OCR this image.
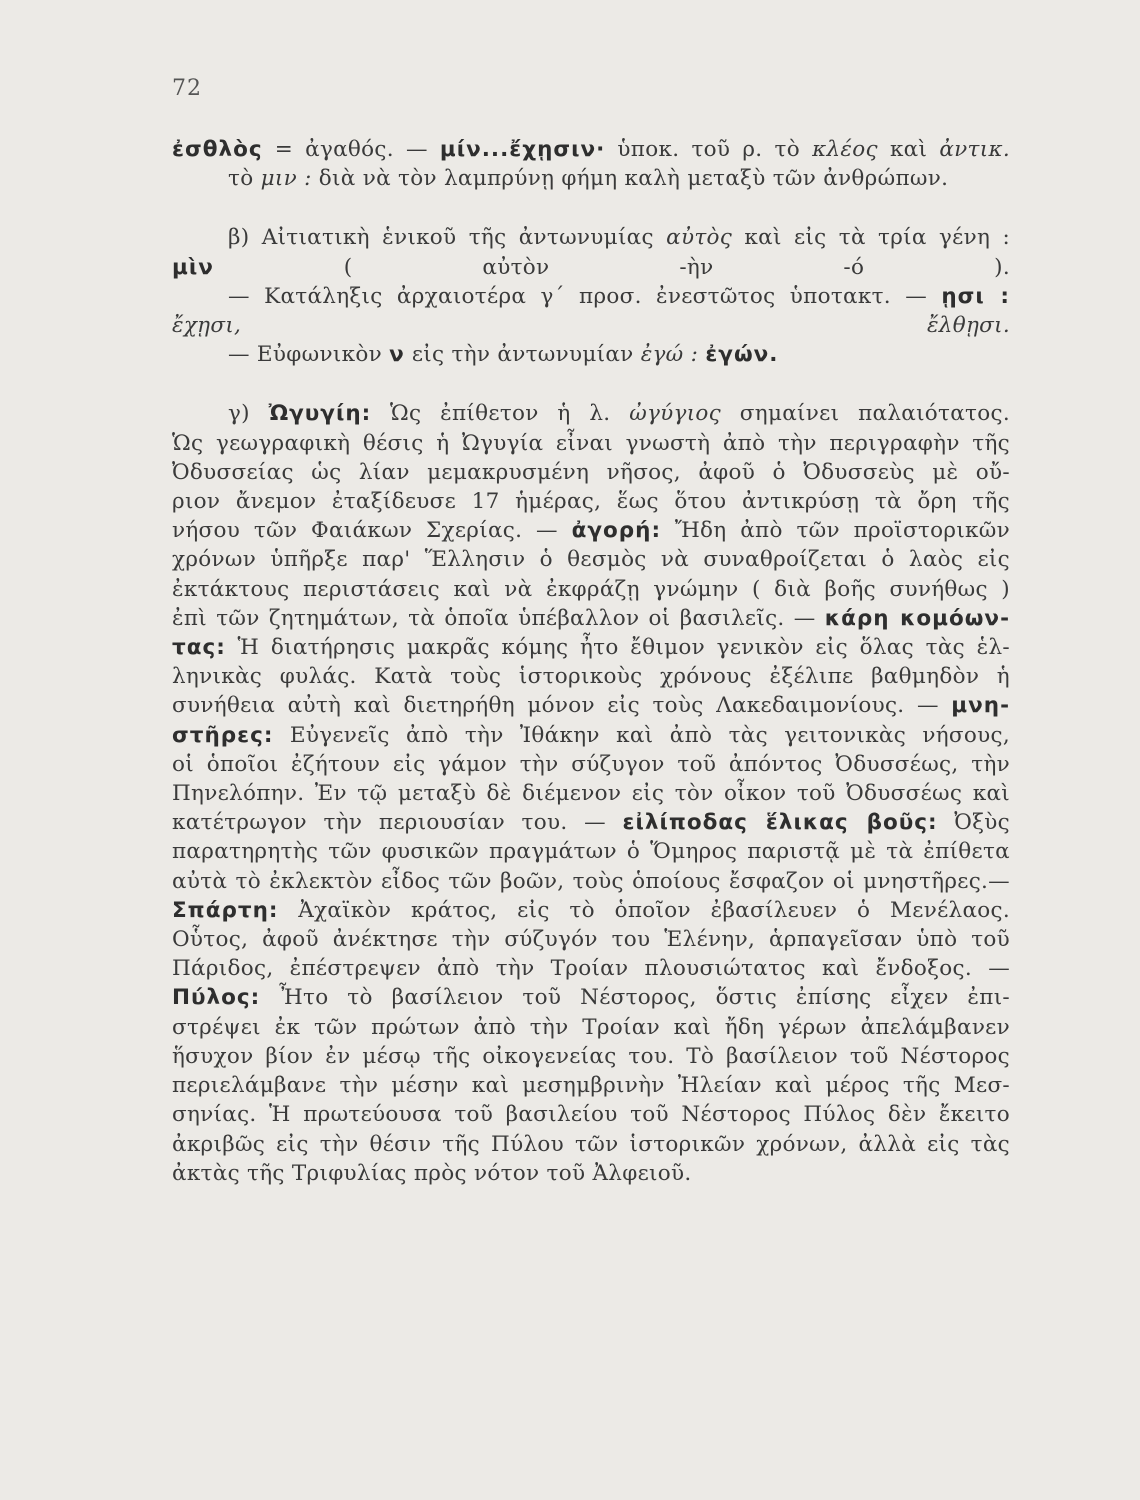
72

ἐσθλὸς = ἀγαθός. — μίν...ἔχῃσιν· ὑποκ. τοῦ ρ. τὸ κλέος καὶ ἀντικ.

τὸ μιν : διὰ νὰ τὸν λαμπρύνῃ φήμη καλὴ μεταξὺ τῶν ἀνθρώπων.

β) Αἰτιατικὴ ἑνικοῦ τῆς ἀντωνυμίας αὐτὸς καὶ εἰς τὰ τρία γένη :

μὶν ( αὐτὸν -ὴν -ό ).

— Κατάληξις ἀρχαιοτέρα γ΄ προσ. ἐνεστῶτος ὑποτακτ. — ῃσι :

ἔχῃσι, ἔλθῃσι.

— Εὐφωνικὸν ν εἰς τὴν ἀντωνυμίαν ἐγώ : ἐγών.

γ) Ὠγυγίη: Ὡς ἐπίθετον ἡ λ. ὠγύγιος σημαίνει παλαιότατος.

Ὡς γεωγραφικὴ θέσις ἡ Ὠγυγία εἶναι γνωστὴ ἀπὸ τὴν περιγραφὴν τῆς

Ὀδυσσείας ὡς λίαν μεμακρυσμένη νῆσος, ἀφοῦ ὁ Ὀδυσσεὺς μὲ οὔ-

ριον ἄνεμον ἐταξίδευσε 17 ἡμέρας, ἕως ὅτου ἀντικρύσῃ τὰ ὄρη τῆς

νήσου τῶν Φαιάκων Σχερίας. — ἀγορή: Ἤδη ἀπὸ τῶν προϊστορικῶν

χρόνων ὑπῆρξε παρ' Ἕλλησιν ὁ θεσμὸς νὰ συναθροίζεται ὁ λαὸς εἰς

ἐκτάκτους περιστάσεις καὶ νὰ ἐκφράζῃ γνώμην ( διὰ βοῆς συνήθως )

ἐπὶ τῶν ζητημάτων, τὰ ὁποῖα ὑπέβαλλον οἱ βασιλεῖς. — κάρη κομόων-

τας: Ἡ διατήρησις μακρᾶς κόμης ἦτο ἔθιμον γενικὸν εἰς ὅλας τὰς ἑλ-

ληνικὰς φυλάς. Κατὰ τοὺς ἱστορικοὺς χρόνους ἐξέλιπε βαθμηδὸν ἡ

συνήθεια αὐτὴ καὶ διετηρήθη μόνον εἰς τοὺς Λακεδαιμονίους. — μνη-

στῆρες: Εὐγενεῖς ἀπὸ τὴν Ἰθάκην καὶ ἀπὸ τὰς γειτονικὰς νήσους,

οἱ ὁποῖοι ἐζήτουν εἰς γάμον τὴν σύζυγον τοῦ ἀπόντος Ὀδυσσέως, τὴν

Πηνελόπην. Ἐν τῷ μεταξὺ δὲ διέμενον εἰς τὸν οἶκον τοῦ Ὀδυσσέως καὶ

κατέτρωγον τὴν περιουσίαν του. — εἰλίποδας ἕλικας βοῦς: Ὀξὺς

παρατηρητὴς τῶν φυσικῶν πραγμάτων ὁ Ὅμηρος παριστᾷ μὲ τὰ ἐπίθετα

αὐτὰ τὸ ἐκλεκτὸν εἶδος τῶν βοῶν, τοὺς ὁποίους ἔσφαζον οἱ μνηστῆρες.—

Σπάρτη: Ἀχαϊκὸν κράτος, εἰς τὸ ὁποῖον ἐβασίλευεν ὁ Μενέλαος.

Οὗτος, ἀφοῦ ἀνέκτησε τὴν σύζυγόν του Ἑλένην, ἁρπαγεῖσαν ὑπὸ τοῦ

Πάριδος, ἐπέστρεψεν ἀπὸ τὴν Τροίαν πλουσιώτατος καὶ ἔνδοξος. —

Πύλος: Ἦτο τὸ βασίλειον τοῦ Νέστορος, ὅστις ἐπίσης εἶχεν ἐπι-

στρέψει ἐκ τῶν πρώτων ἀπὸ τὴν Τροίαν καὶ ἤδη γέρων ἀπελάμβανεν

ἥσυχον βίον ἐν μέσῳ τῆς οἰκογενείας του. Τὸ βασίλειον τοῦ Νέστορος

περιελάμβανε τὴν μέσην καὶ μεσημβρινὴν Ἠλείαν καὶ μέρος τῆς Μεσ-

σηνίας. Ἡ πρωτεύουσα τοῦ βασιλείου τοῦ Νέστορος Πύλος δὲν ἔκειτο

ἀκριβῶς εἰς τὴν θέσιν τῆς Πύλου τῶν ἱστορικῶν χρόνων, ἀλλὰ εἰς τὰς

ἀκτὰς τῆς Τριφυλίας πρὸς νότον τοῦ Ἀλφειοῦ.
